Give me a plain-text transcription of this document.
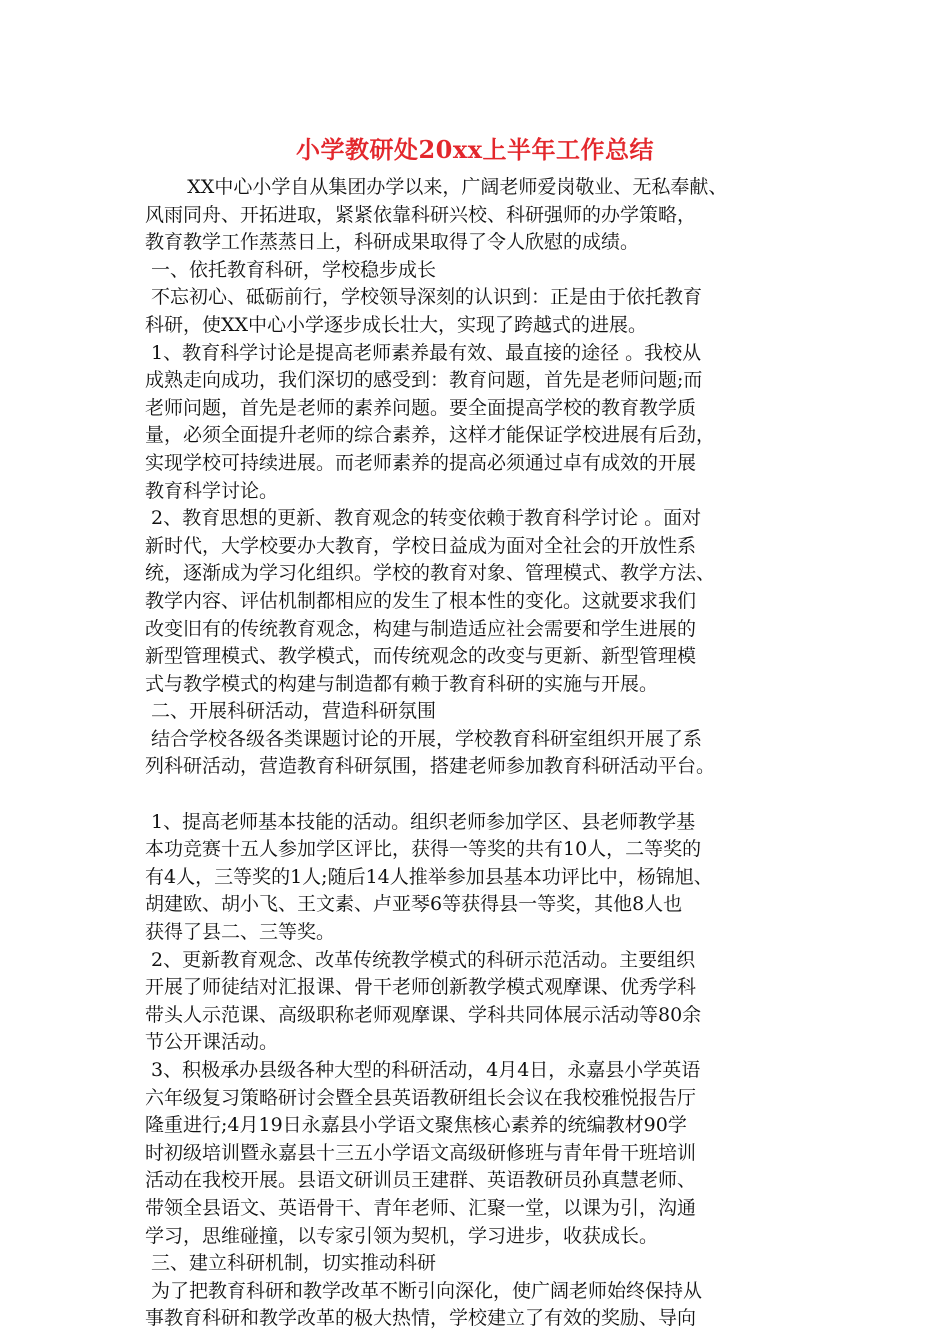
小学教研处20xx上半年工作总结
XX中心小学自从集团办学以来，广阔老师爱岗敬业、无私奉献、
风雨同舟、开拓进取，紧紧依靠科研兴校、科研强师的办学策略，
教育教学工作蒸蒸日上，科研成果取得了令人欣慰的成绩。
一、依托教育科研，学校稳步成长
不忘初心、砥砺前行，学校领导深刻的认识到：正是由于依托教育
科研，使XX中心小学逐步成长壮大，实现了跨越式的进展。
1、教育科学讨论是提高老师素养最有效、最直接的途径 。我校从
成熟走向成功，我们深切的感受到：教育问题，首先是老师问题;而
老师问题，首先是老师的素养问题。要全面提高学校的教育教学质
量，必须全面提升老师的综合素养，这样才能保证学校进展有后劲，
实现学校可持续进展。而老师素养的提高必须通过卓有成效的开展
教育科学讨论。
2、教育思想的更新、教育观念的转变依赖于教育科学讨论 。面对
新时代，大学校要办大教育，学校日益成为面对全社会的开放性系
统，逐渐成为学习化组织。学校的教育对象、管理模式、教学方法、
教学内容、评估机制都相应的发生了根本性的变化。这就要求我们
改变旧有的传统教育观念，构建与制造适应社会需要和学生进展的
新型管理模式、教学模式，而传统观念的改变与更新、新型管理模
式与教学模式的构建与制造都有赖于教育科研的实施与开展。
二、开展科研活动，营造科研氛围
结合学校各级各类课题讨论的开展，学校教育科研室组织开展了系
列科研活动，营造教育科研氛围，搭建老师参加教育科研活动平台。
1、提高老师基本技能的活动。组织老师参加学区、县老师教学基
本功竞赛十五人参加学区评比，获得一等奖的共有10人，二等奖的
有4人，三等奖的1人;随后14人推举参加县基本功评比中，杨锦旭、
胡建欧、胡小飞、王文素、卢亚琴6等获得县一等奖，其他8人也
获得了县二、三等奖。
2、更新教育观念、改革传统教学模式的科研示范活动。主要组织
开展了师徒结对汇报课、骨干老师创新教学模式观摩课、优秀学科
带头人示范课、高级职称老师观摩课、学科共同体展示活动等80余
节公开课活动。
3、积极承办县级各种大型的科研活动，4月4日，永嘉县小学英语
六年级复习策略研讨会暨全县英语教研组长会议在我校雅悦报告厅
隆重进行;4月19日永嘉县小学语文聚焦核心素养的统编教材90学
时初级培训暨永嘉县十三五小学语文高级研修班与青年骨干班培训
活动在我校开展。县语文研训员王建群、英语教研员孙真慧老师、
带领全县语文、英语骨干、青年老师、汇聚一堂，以课为引，沟通
学习，思维碰撞，以专家引领为契机，学习进步，收获成长。
三、建立科研机制，切实推动科研
为了把教育科研和教学改革不断引向深化，使广阔老师始终保持从
事教育科研和教学改革的极大热情，学校建立了有效的奖励、导向
